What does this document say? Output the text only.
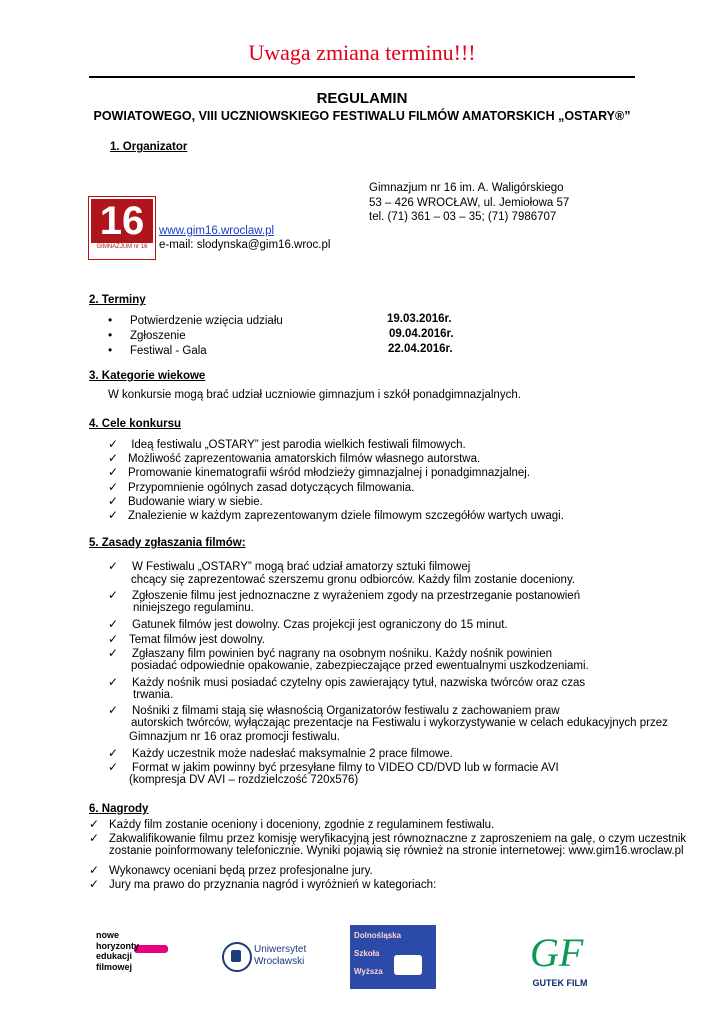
Uwaga zmiana terminu!!!
REGULAMIN
POWIATOWEGO, VIII UCZNIOWSKIEGO FESTIWALU FILMÓW AMATORSKICH „OSTARY®”
1. Organizator
Gimnazjum nr 16 im. A. Waligórskiego
53 – 426 WROCŁAW, ul. Jemiołowa 57
tel. (71) 361 – 03 – 35; (71) 7986707
16
GIMNAZJUM nr 16
www.gim16.wroclaw.pl
e-mail: slodynska@gim16.wroc.pl
2. Terminy
• Potwierdzenie wzięcia udziału	19.03.2016r.
• Zgłoszenie	09.04.2016r.
• Festiwal - Gala	22.04.2016r.
3. Kategorie wiekowe
W konkursie mogą brać udział uczniowie gimnazjum i szkół ponadgimnazjalnych.
4. Cele konkursu
✓ Ideą festiwalu „OSTARY” jest parodia wielkich festiwali filmowych.
✓ Możliwość zaprezentowania amatorskich filmów własnego autorstwa.
✓ Promowanie kinematografii wśród młodzieży gimnazjalnej i ponadgimnazjalnej.
✓ Przypomnienie ogólnych zasad dotyczących filmowania.
✓ Budowanie wiary w siebie.
✓ Znalezienie w każdym zaprezentowanym dziele filmowym szczegółów wartych uwagi.
5. Zasady zgłaszania filmów:
✓ W Festiwalu „OSTARY” mogą brać udział amatorzy sztuki filmowej
chcący się zaprezentować szerszemu gronu odbiorców. Każdy film zostanie doceniony.
✓ Zgłoszenie filmu jest jednoznaczne z wyrażeniem zgody na przestrzeganie postanowień
niniejszego regulaminu.
✓ Gatunek filmów jest dowolny. Czas projekcji jest ograniczony do 15 minut.
✓ Temat filmów jest dowolny.
✓ Zgłaszany film powinien być nagrany na osobnym nośniku. Każdy nośnik powinien
posiadać odpowiednie opakowanie, zabezpieczające przed ewentualnymi uszkodzeniami.
✓ Każdy nośnik musi posiadać czytelny opis zawierający tytuł, nazwiska twórców oraz czas
trwania.
✓ Nośniki z filmami stają się własnością Organizatorów festiwalu z zachowaniem praw
autorskich twórców, wyłączając prezentacje na Festiwalu i wykorzystywanie w celach edukacyjnych przez
Gimnazjum nr 16 oraz promocji festiwalu.
✓ Każdy uczestnik może nadesłać maksymalnie 2 prace filmowe.
✓ Format w jakim powinny być przesyłane filmy to VIDEO CD/DVD lub w formacie AVI
(kompresja DV AVI – rozdzielczość 720x576)
6. Nagrody
✓ Każdy film zostanie oceniony i doceniony, zgodnie z regulaminem festiwalu.
✓ Zakwalifikowanie filmu przez komisję weryfikacyjną jest równoznaczne z zaproszeniem na galę, o czym uczestnik
zostanie poinformowany telefonicznie. Wyniki pojawią się również na stronie internetowej: www.gim16.wroclaw.pl
✓ Wykonawcy oceniani będą przez profesjonalne jury.
✓ Jury ma prawo do przyznania nagród i wyróżnień w kategoriach:
nowe
horyzonty
edukacji
filmowej
Uniwersytet
Wrocławski
Dolnośląska
Szkoła
Wyższa	GF
GUTEK FILM
